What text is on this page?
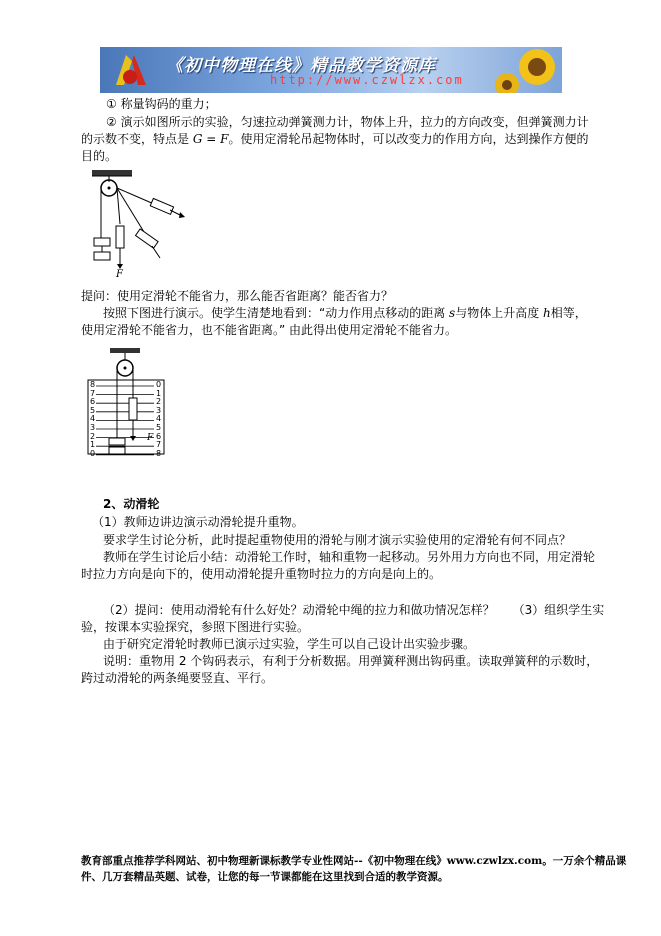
《初中物理在线》精品教学资源库
http://www.czwlzx.com
① 称量钩码的重力；
② 演示如图所示的实验，匀速拉动弹簧测力计，物体上升，拉力的方向改变，但弹簧测力计
的示数不变，特点是 G = F。使用定滑轮吊起物体时，可以改变力的作用方向，达到操作方便的
目的。
F
提问：使用定滑轮不能省力，那么能否省距离？能否省力？
按照下图进行演示。使学生清楚地看到：“动力作用点移动的距离 s与物体上升高度 h相等，
使用定滑轮不能省力，也不能省距离。” 由此得出使用定滑轮不能省力。
8
7
6
5
4
3
2
1
0
0
1
2
3
4
5
6
7
8
F
2、动滑轮
（1）教师边讲边演示动滑轮提升重物。
要求学生讨论分析，此时提起重物使用的滑轮与刚才演示实验使用的定滑轮有何不同点？
教师在学生讨论后小结：动滑轮工作时，轴和重物一起移动。另外用力方向也不同，用定滑轮
时拉力方向是向下的，使用动滑轮提升重物时拉力的方向是向上的。
（2）提问：使用动滑轮有什么好处？动滑轮中绳的拉力和做功情况怎样？　　（3）组织学生实
验，按课本实验探究，参照下图进行实验。
由于研究定滑轮时教师已演示过实验，学生可以自己设计出实验步骤。
说明：重物用 2 个钩码表示，有利于分析数据。用弹簧秤测出钩码重。读取弹簧秤的示数时，
跨过动滑轮的两条绳要竖直、平行。
教育部重点推荐学科网站、初中物理新课标教学专业性网站--《初中物理在线》www.czwlzx.com。一万余个精品课
件、几万套精品英题、试卷，让您的每一节课都能在这里找到合适的教学资源。
